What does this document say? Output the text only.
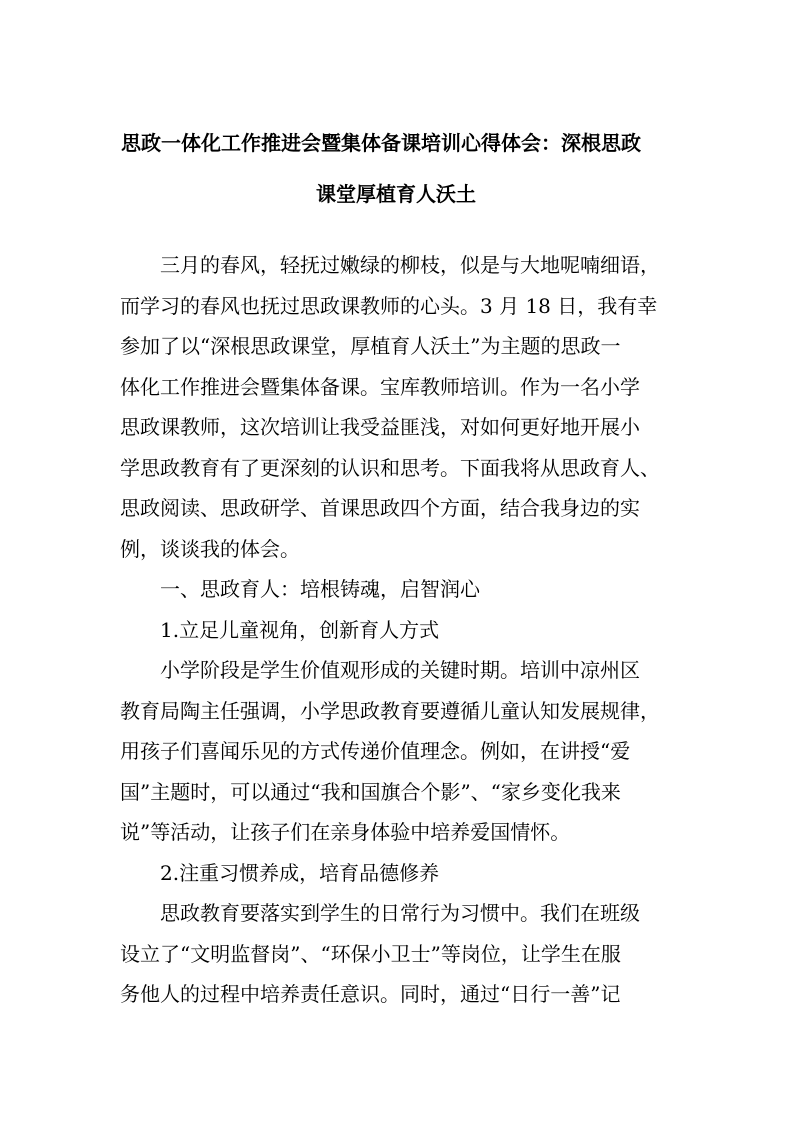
思政一体化工作推进会暨集体备课培训心得体会：深根思政
课堂厚植育人沃土
三月的春风，轻抚过嫩绿的柳枝，似是与大地呢喃细语，
而学习的春风也抚过思政课教师的心头。3 月 18 日，我有幸
参加了以“深根思政课堂，厚植育人沃土”为主题的思政一
体化工作推进会暨集体备课。宝库教师培训。作为一名小学
思政课教师，这次培训让我受益匪浅，对如何更好地开展小
学思政教育有了更深刻的认识和思考。下面我将从思政育人、
思政阅读、思政研学、首课思政四个方面，结合我身边的实
例，谈谈我的体会。
一、思政育人：培根铸魂，启智润心
1.立足儿童视角，创新育人方式
小学阶段是学生价值观形成的关键时期。培训中凉州区
教育局陶主任强调，小学思政教育要遵循儿童认知发展规律，
用孩子们喜闻乐见的方式传递价值理念。例如，在讲授“爱
国”主题时，可以通过“我和国旗合个影”、“家乡变化我来
说”等活动，让孩子们在亲身体验中培养爱国情怀。
2.注重习惯养成，培育品德修养
思政教育要落实到学生的日常行为习惯中。我们在班级
设立了“文明监督岗”、“环保小卫士”等岗位，让学生在服
务他人的过程中培养责任意识。同时，通过“日行一善”记
